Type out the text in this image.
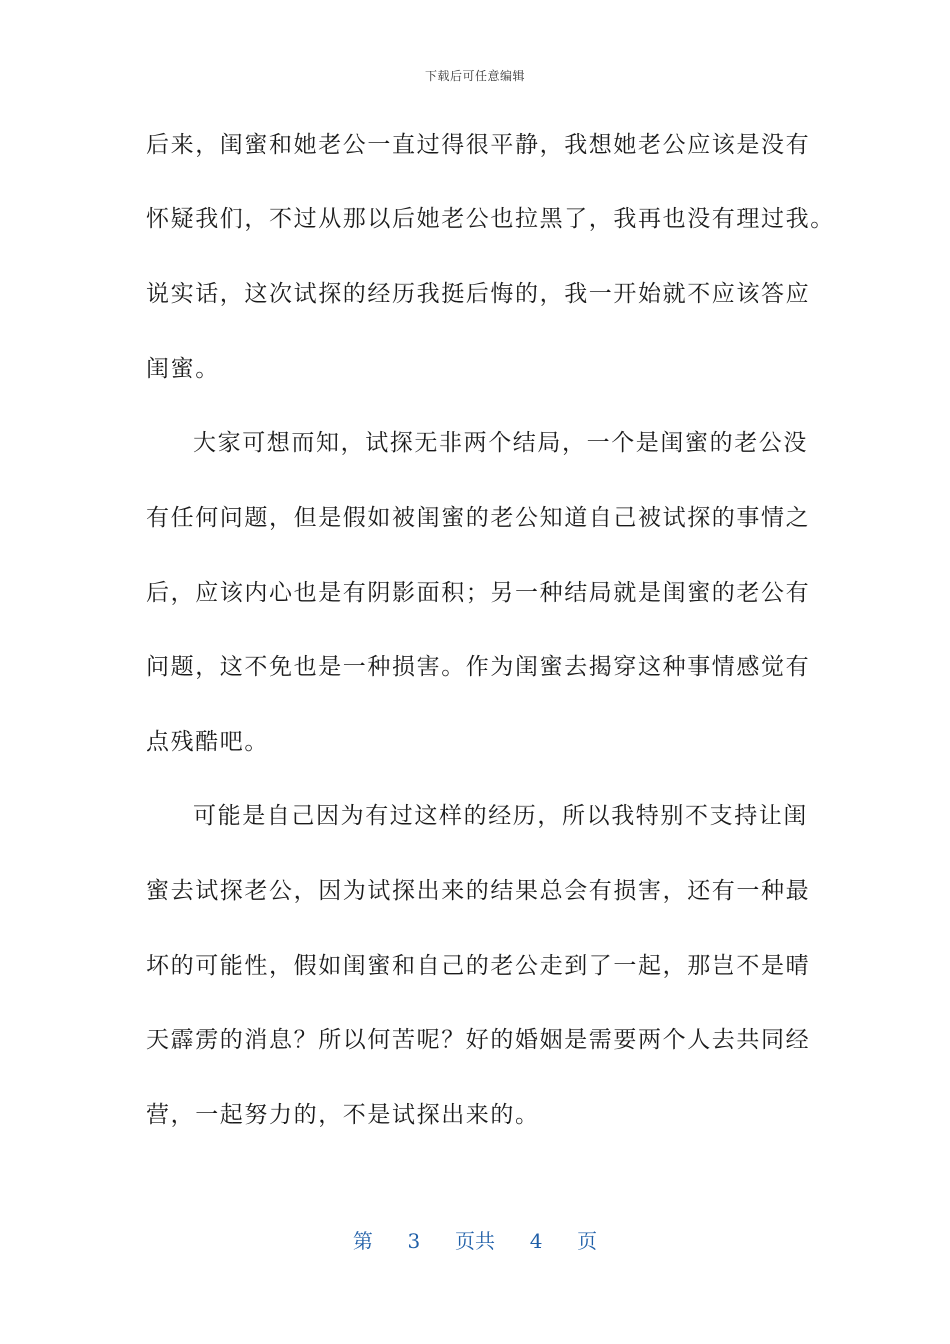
下载后可任意编辑
后来，闺蜜和她老公一直过得很平静，我想她老公应该是没有
怀疑我们，不过从那以后她老公也拉黑了，我再也没有理过我。
说实话，这次试探的经历我挺后悔的，我一开始就不应该答应
闺蜜。
大家可想而知，试探无非两个结局，一个是闺蜜的老公没
有任何问题，但是假如被闺蜜的老公知道自己被试探的事情之
后，应该内心也是有阴影面积；另一种结局就是闺蜜的老公有
问题，这不免也是一种损害。作为闺蜜去揭穿这种事情感觉有
点残酷吧。
可能是自己因为有过这样的经历，所以我特别不支持让闺
蜜去试探老公，因为试探出来的结果总会有损害，还有一种最
坏的可能性，假如闺蜜和自己的老公走到了一起，那岂不是晴
天霹雳的消息？所以何苦呢？好的婚姻是需要两个人去共同经
营，一起努力的，不是试探出来的。
第 3 页共 4 页
